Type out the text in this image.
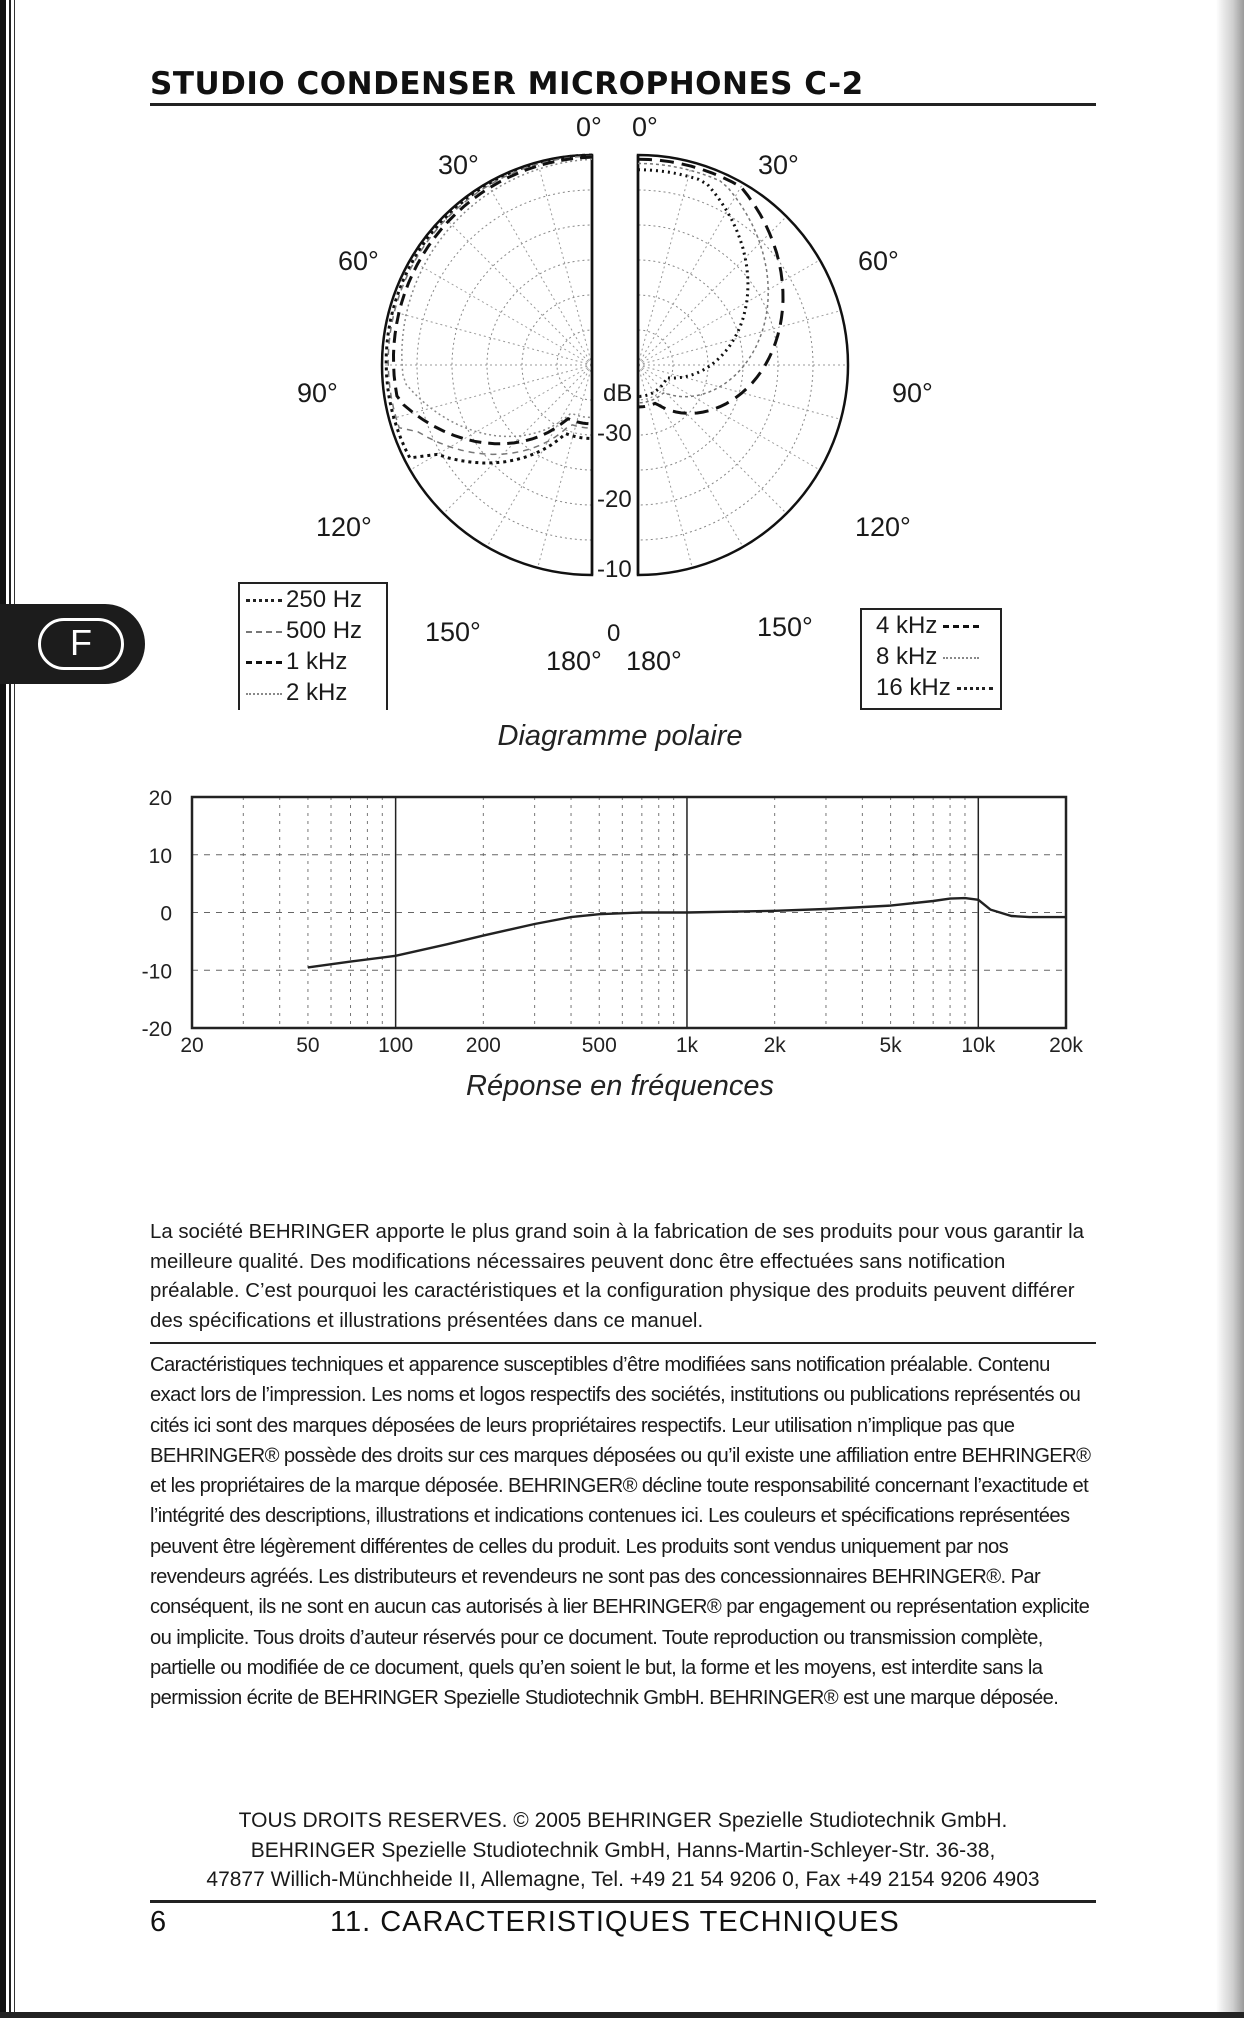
F
STUDIO CONDENSER MICROPHONES C-2
0° 0°
30°	30°
60°	60°
90°	90°
120°	120°
150°	150°
180° 180°
dB
-30
-20
-10
0
250 Hz
500 Hz
1 kHz
2 kHz
4 kHz
8 kHz
16 kHz
Diagramme polaire
20
10
0
-10
-20
20	50	100	200	500	1k	2k	5k	10k	20k
Réponse en fréquences
La société BEHRINGER apporte le plus grand soin à la fabrication de ses produits pour vous garantir la meilleure qualité. Des modifications nécessaires peuvent donc être effectuées sans notification préalable. C’est pourquoi les caractéristiques et la configuration physique des produits peuvent différer des spécifications et illustrations présentées dans ce manuel.
Caractéristiques techniques et apparence susceptibles d’être modifiées sans notification préalable. Contenu exact lors de l’impression. Les noms et logos respectifs des sociétés, institutions ou publications représentés ou cités ici sont des marques déposées de leurs propriétaires respectifs. Leur utilisation n’implique pas que BEHRINGER® possède des droits sur ces marques déposées ou qu’il existe une affiliation entre BEHRINGER® et les propriétaires de la marque déposée. BEHRINGER® décline toute responsabilité concernant l’exactitude et l’intégrité des descriptions, illustrations et indications contenues ici. Les couleurs et spécifications représentées peuvent être légèrement différentes de celles du produit. Les produits sont vendus uniquement par nos revendeurs agréés. Les distributeurs et revendeurs ne sont pas des concessionnaires BEHRINGER®. Par conséquent, ils ne sont en aucun cas autorisés à lier BEHRINGER® par engagement ou représentation explicite ou implicite. Tous droits d’auteur réservés pour ce document. Toute reproduction ou transmission complète, partielle ou modifiée de ce document, quels qu’en soient le but, la forme et les moyens, est interdite sans la permission écrite de BEHRINGER Spezielle Studiotechnik GmbH. BEHRINGER® est une marque déposée.
TOUS DROITS RESERVES. © 2005 BEHRINGER Spezielle Studiotechnik GmbH.
BEHRINGER Spezielle Studiotechnik GmbH, Hanns-Martin-Schleyer-Str. 36-38,
47877 Willich-Münchheide II, Allemagne, Tel. +49 21 54 9206 0, Fax +49 2154 9206 4903
6	11. CARACTERISTIQUES TECHNIQUES
